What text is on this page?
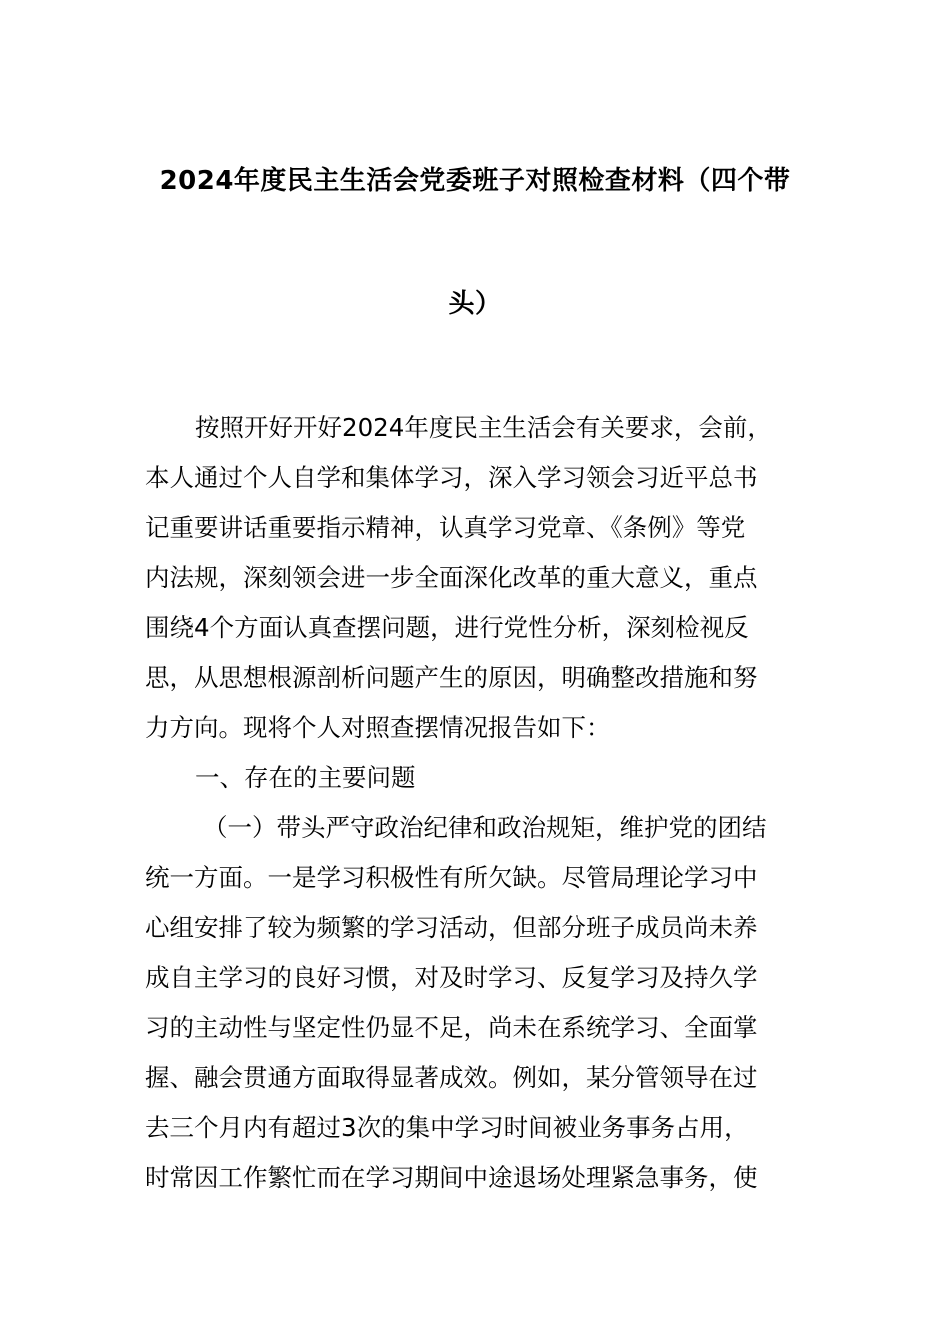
2024年度民主生活会党委班子对照检查材料（四个带
头）
按照开好开好2024年度民主生活会有关要求，会前，
本人通过个人自学和集体学习，深入学习领会习近平总书
记重要讲话重要指示精神，认真学习党章、《条例》等党
内法规，深刻领会进一步全面深化改革的重大意义，重点
围绕4个方面认真查摆问题，进行党性分析，深刻检视反
思，从思想根源剖析问题产生的原因，明确整改措施和努
力方向。现将个人对照查摆情况报告如下：
一、存在的主要问题
（一）带头严守政治纪律和政治规矩，维护党的团结
统一方面。一是学习积极性有所欠缺。尽管局理论学习中
心组安排了较为频繁的学习活动，但部分班子成员尚未养
成自主学习的良好习惯，对及时学习、反复学习及持久学
习的主动性与坚定性仍显不足，尚未在系统学习、全面掌
握、融会贯通方面取得显著成效。例如，某分管领导在过
去三个月内有超过3次的集中学习时间被业务事务占用，
时常因工作繁忙而在学习期间中途退场处理紧急事务，使
